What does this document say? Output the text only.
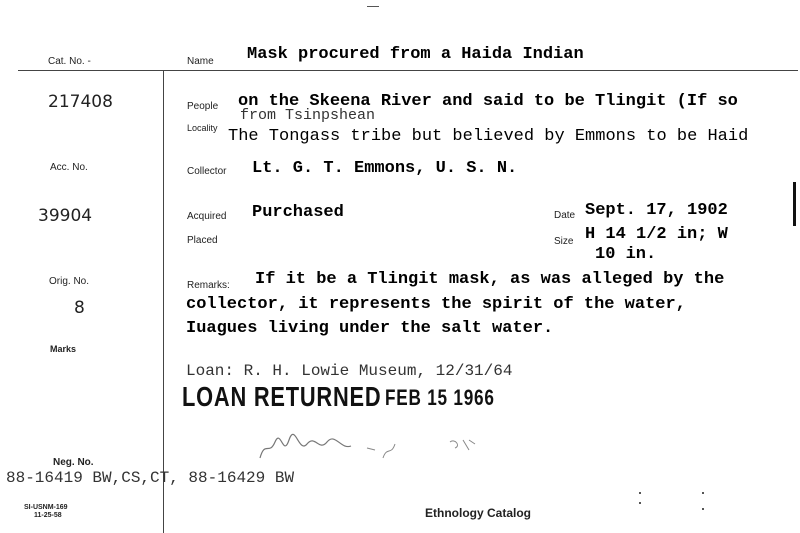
Cat. No. -	Name Mask procured from a Haida Indian
217408
Acc. No.
39904
Orig. No.
8
Marks
People on the Skeena River and said to be Tlingit (If so
from Tsinpshean
Locality The Tongass tribe but believed by Emmons to be Haid
Collector Lt. G. T. Emmons, U. S. N.
Acquired Purchased
Placed
Date Sept. 17, 1902
Size H 14 1/2 in; W
10 in.
Remarks: If it be a Tlingit mask, as was alleged by the
collector, it represents the spirit of the water,
Iuagues living under the salt water.
Loan: R. H. Lowie Museum, 12/31/64
LOAN RETURNED FEB 15 1966
Neg. No.
88-16419 BW,CS,CT, 88-16429 BW
SI-USNM-169
11-25-58	Ethnology Catalog
